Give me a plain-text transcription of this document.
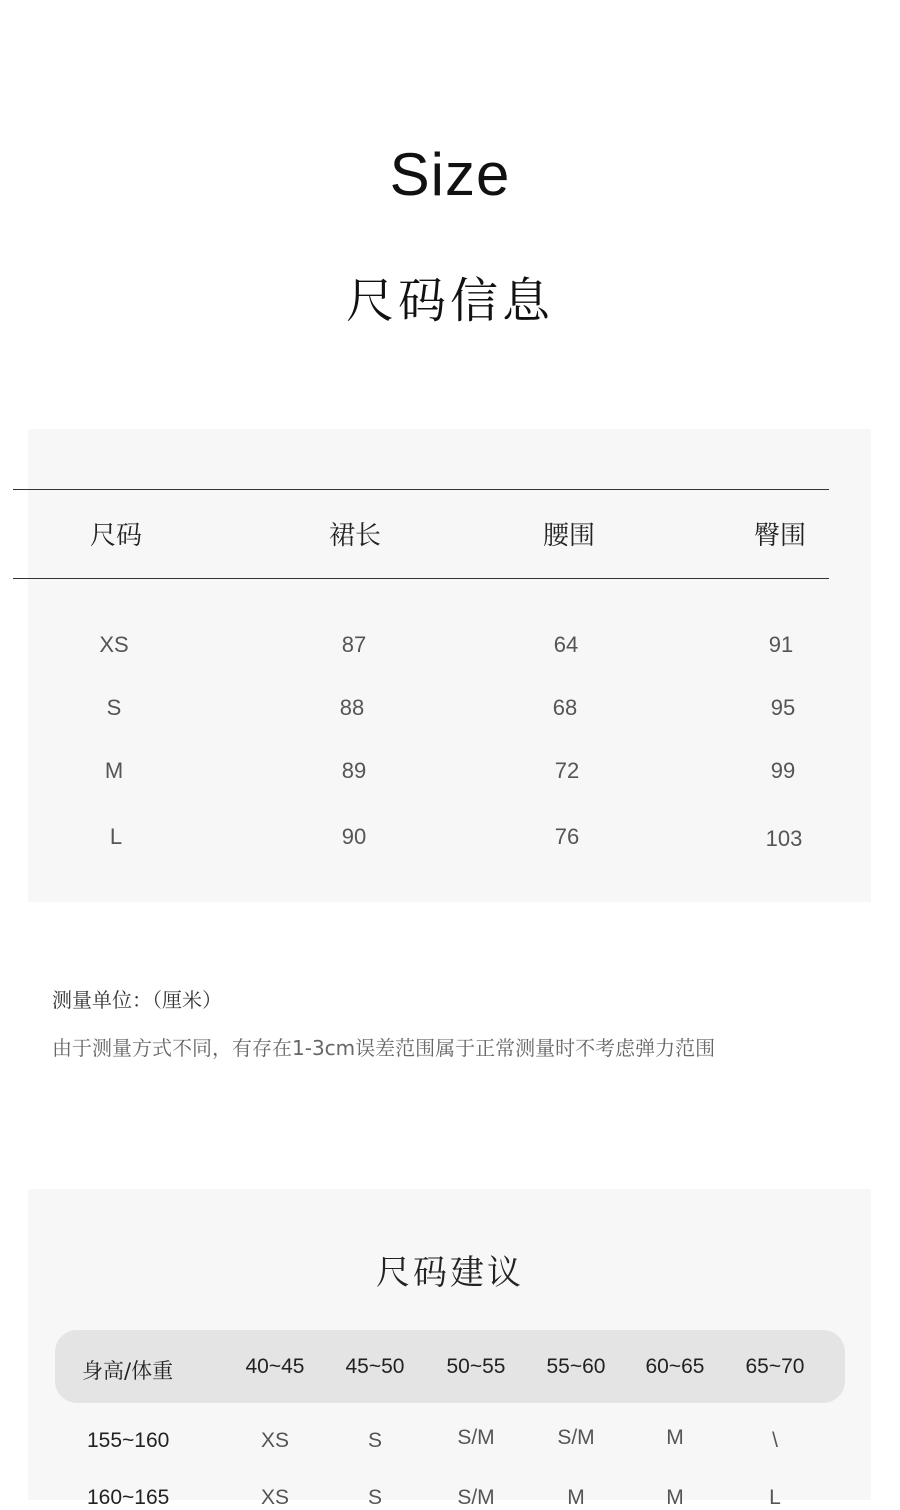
Size
尺码信息
尺码	裙长	腰围	臀围
XS	87	64	91
S	88	68	95
M	89	72	99
L	90	76	103
测量单位：（厘米）
由于测量方式不同，有存在1-3cm误差范围属于正常测量时不考虑弹力范围
尺码建议
身高/体重	40~45	45~50	50~55	55~60	60~65	65~70
155~160	XS	S	S/M	S/M	M	\
160~165	XS	S	S/M	M	M	L
